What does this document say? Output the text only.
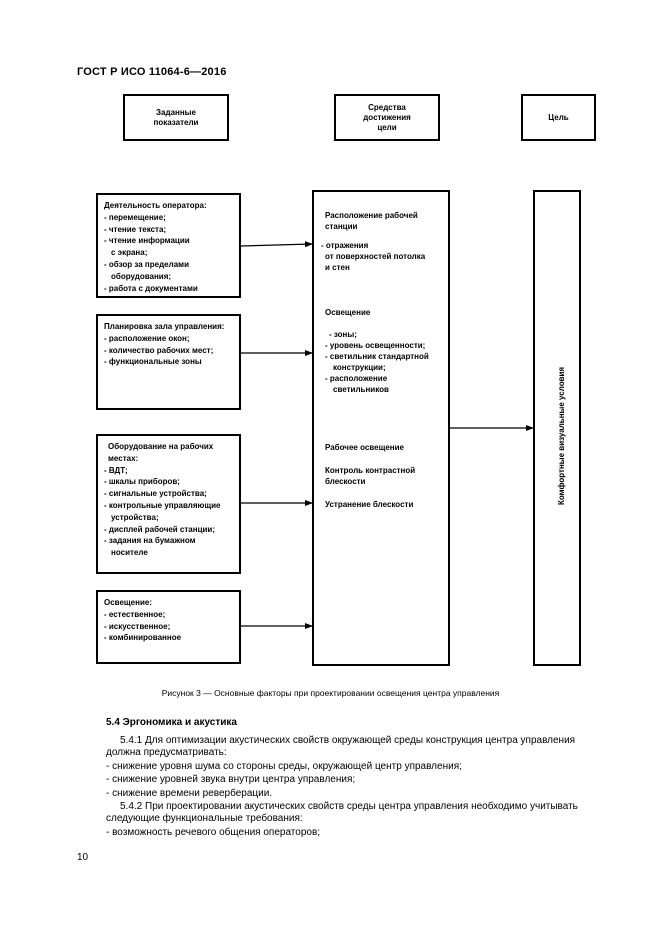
ГОСТ Р ИСО 11064-6—2016
Заданные
показатели
Средства
достижения
цели
Цель
Деятельность оператора:
- перемещение;
- чтение текста;
- чтение информации
с экрана;
- обзор за пределами
оборудования;
- работа с документами
Планировка зала управления:
- расположение окон;
- количество рабочих мест;
- функциональные зоны
Оборудование на рабочих
местах:
- ВДТ;
- шкалы приборов;
- сигнальные устройства;
- контрольные управляющие
устройства;
- дисплей рабочей станции;
- задания на бумажном
носителе
Освещение:
- естественное;
- искусственное;
- комбинированное
Расположение рабочей
станции
- отражения
от поверхностей потолка
и стен
Освещение
- зоны;
- уровень освещенности;
- светильник стандартной
конструкции;
- расположение
светильников
Рабочее освещение
Контроль контрастной
блескости
Устранение блескости	Комфортные визуальные условия
Рисунок 3 — Основные факторы при проектировании освещения центра управления
5.4 Эргономика и акустика
5.4.1 Для оптимизации акустических свойств окружающей среды конструкция центра управления
должна предусматривать:
- снижение уровня шума со стороны среды, окружающей центр управления;
- снижение уровней звука внутри центра управления;
- снижение времени реверберации.
5.4.2 При проектировании акустических свойств среды центра управления необходимо учитывать
следующие функциональные требования:
- возможность речевого общения операторов;
10
